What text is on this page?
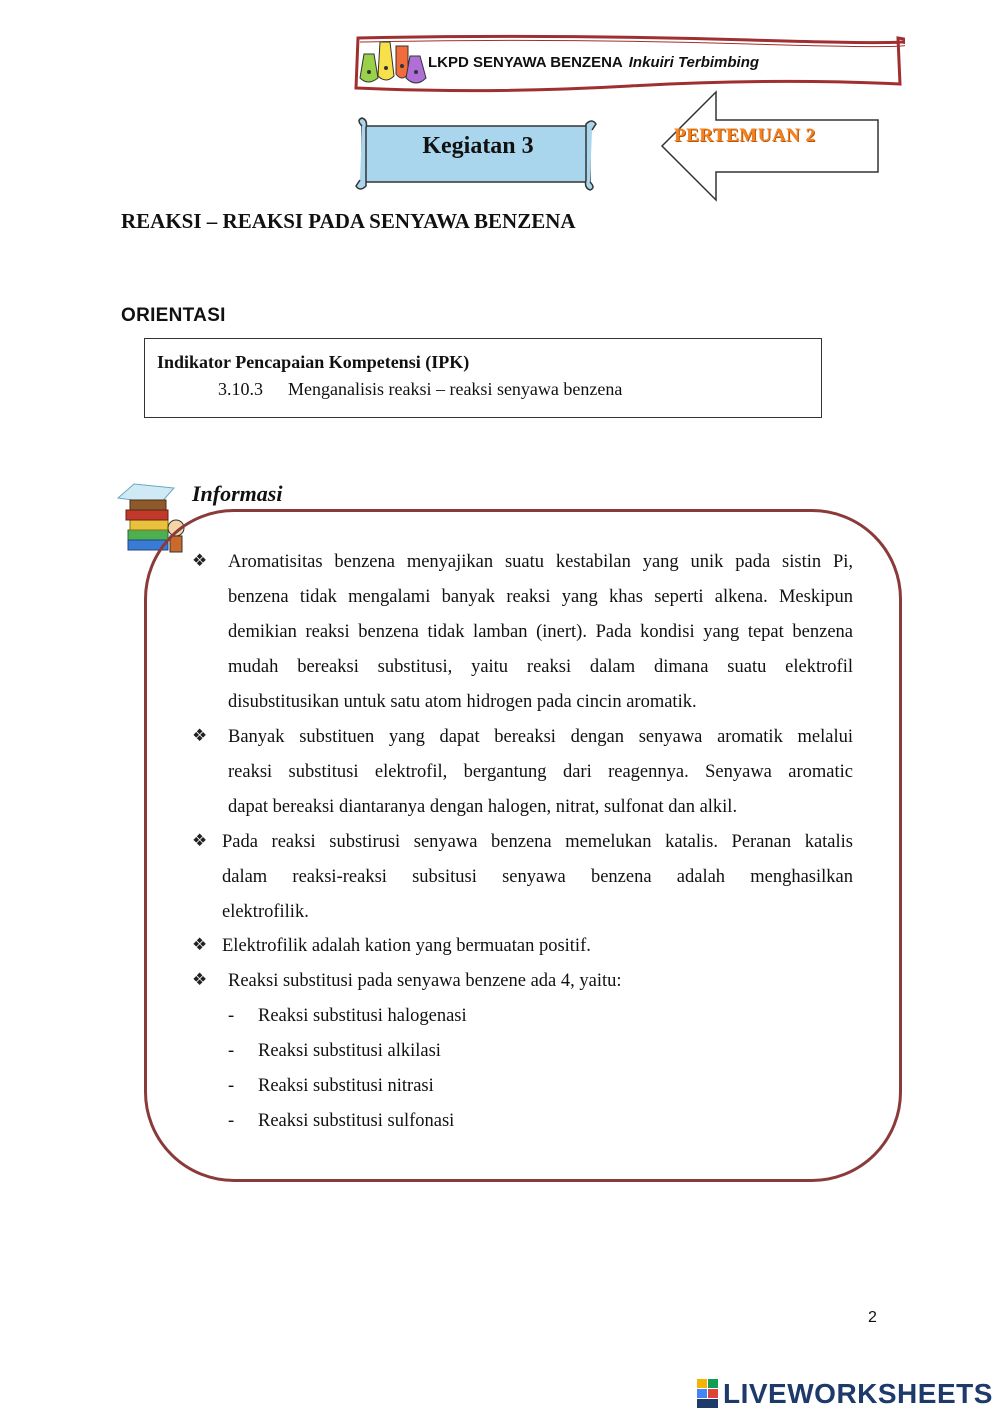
LKPD SENYAWA BENZENA Inkuiri Terbimbing
Kegiatan 3	PERTEMUAN 2
REAKSI – REAKSI PADA SENYAWA BENZENA
ORIENTASI
Indikator Pencapaian Kompetensi (IPK)
3.10.3 Menganalisis reaksi – reaksi senyawa benzena
Informasi
❖ Aromatisitas benzena menyajikan suatu kestabilan yang unik pada sistin Pi,
benzena tidak mengalami banyak reaksi yang khas seperti alkena. Meskipun
demikian reaksi benzena tidak lamban (inert). Pada kondisi yang tepat benzena
mudah bereaksi substitusi, yaitu reaksi dalam dimana suatu elektrofil
disubstitusikan untuk satu atom hidrogen pada cincin aromatik.
❖ Banyak substituen yang dapat bereaksi dengan senyawa aromatik melalui
reaksi substitusi elektrofil, bergantung dari reagennya. Senyawa aromatic
dapat bereaksi diantaranya dengan halogen, nitrat, sulfonat dan alkil.
❖ Pada reaksi substirusi senyawa benzena memelukan katalis. Peranan katalis
dalam reaksi-reaksi subsitusi senyawa benzena adalah menghasilkan
elektrofilik.
❖ Elektrofilik adalah kation yang bermuatan positif.
❖ Reaksi substitusi pada senyawa benzene ada 4, yaitu:
- Reaksi substitusi halogenasi
- Reaksi substitusi alkilasi
- Reaksi substitusi nitrasi
- Reaksi substitusi sulfonasi
2
LIVEWORKSHEETS
